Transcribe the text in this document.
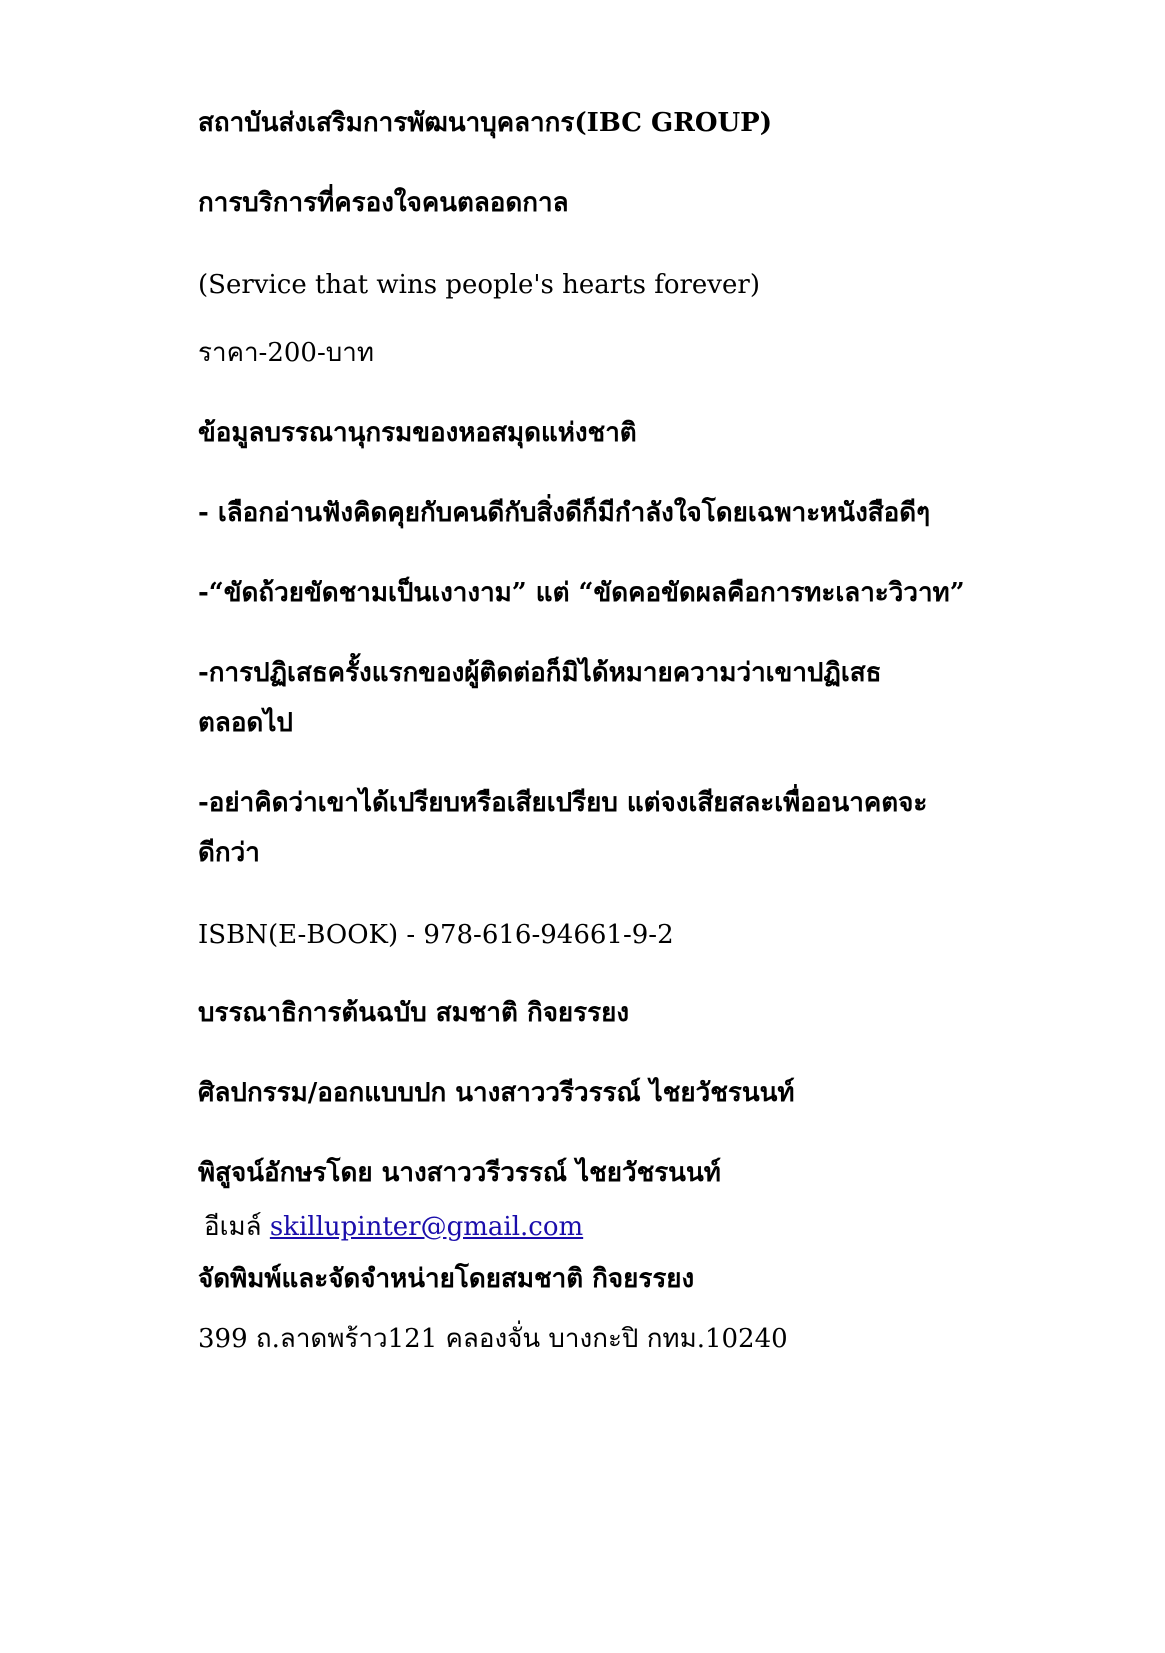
สถาบันส่งเสริมการพัฒนาบุคลากร(IBC GROUP)
การบริการที่ครองใจคนตลอดกาล
(Service that wins people's hearts forever)
ราคา-200-บาท
ข้อมูลบรรณานุกรมของหอสมุดแห่งชาติ
- เลือกอ่านฟังคิดคุยกับคนดีกับสิ่งดีก็มีกำลังใจโดยเฉพาะหนังสือดีๆ
-“ขัดถ้วยขัดชามเป็นเงางาม” แต่ “ขัดคอขัดผลคือการทะเลาะวิวาท”
-การปฏิเสธครั้งแรกของผู้ติดต่อก็มิได้หมายความว่าเขาปฏิเสธ
ตลอดไป
-อย่าคิดว่าเขาได้เปรียบหรือเสียเปรียบ แต่จงเสียสละเพื่ออนาคตจะ
ดีกว่า
ISBN(E-BOOK) - 978-616-94661-9-2
บรรณาธิการต้นฉบับ สมชาติ กิจยรรยง
ศิลปกรรม/ออกแบบปก นางสาววรีวรรณ์ ไชยวัชรนนท์
พิสูจน์อักษรโดย นางสาววรีวรรณ์ ไชยวัชรนนท์
อีเมล์ skillupinter@gmail.com
จัดพิมพ์และจัดจำหน่ายโดยสมชาติ กิจยรรยง
399 ถ.ลาดพร้าว121 คลองจั่น บางกะปิ กทม.10240
